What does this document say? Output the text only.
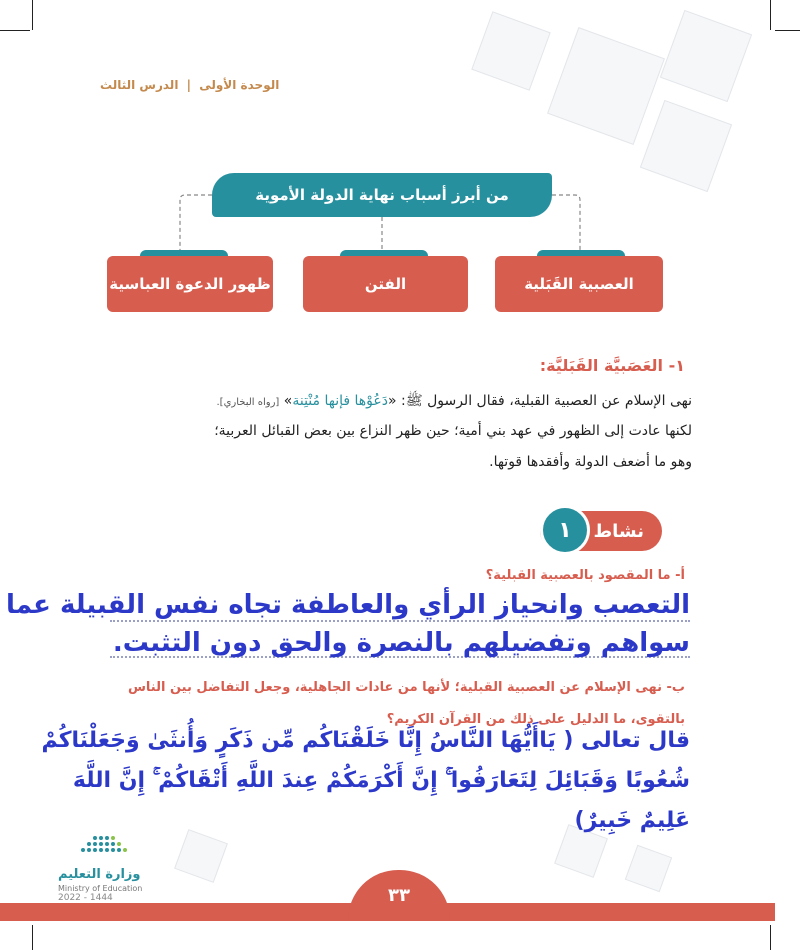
الوحدة الأولى | الدرس الثالث
من أبرز أسباب نهاية الدولة الأموية
العصبية القَبَلية
الفتن
ظهور الدعوة العباسية
١- العَصَبيَّة القَبَليَّة:
نهى الإسلام عن العصبية القبلية، فقال الرسول ﷺ: «دَعُوْها فإنها مُنْتِنة» [رواه البخاري].
لكنها عادت إلى الظهور في عهد بني أمية؛ حين ظهر النزاع بين بعض القبائل العربية؛
وهو ما أضعف الدولة وأفقدها قوتها.
نشاط
١
أ- ما المقصود بالعصبية القبلية؟
التعصب وانحياز الرأي والعاطفة تجاه نفس القبيلة عما
سواهم وتفضيلهم بالنصرة والحق دون التثبت.
ب- نهى الإسلام عن العصبية القبلية؛ لأنها من عادات الجاهلية، وجعل التفاضل بين الناس
بالتقوى، ما الدليل على ذلك من القرآن الكريم؟
قال تعالى ( يَاأَيُّهَا النَّاسُ إِنَّا خَلَقْنَاكُم مِّن ذَكَرٍ وَأُنثَىٰ وَجَعَلْنَاكُمْ
شُعُوبًا وَقَبَائِلَ لِتَعَارَفُوا ۚ إِنَّ أَكْرَمَكُمْ عِندَ اللَّهِ أَتْقَاكُمْ ۚ إِنَّ اللَّهَ
عَلِيمٌ خَبِيرٌ)
وزارة التعليم
Ministry of Education
2022 - 1444	٣٣
